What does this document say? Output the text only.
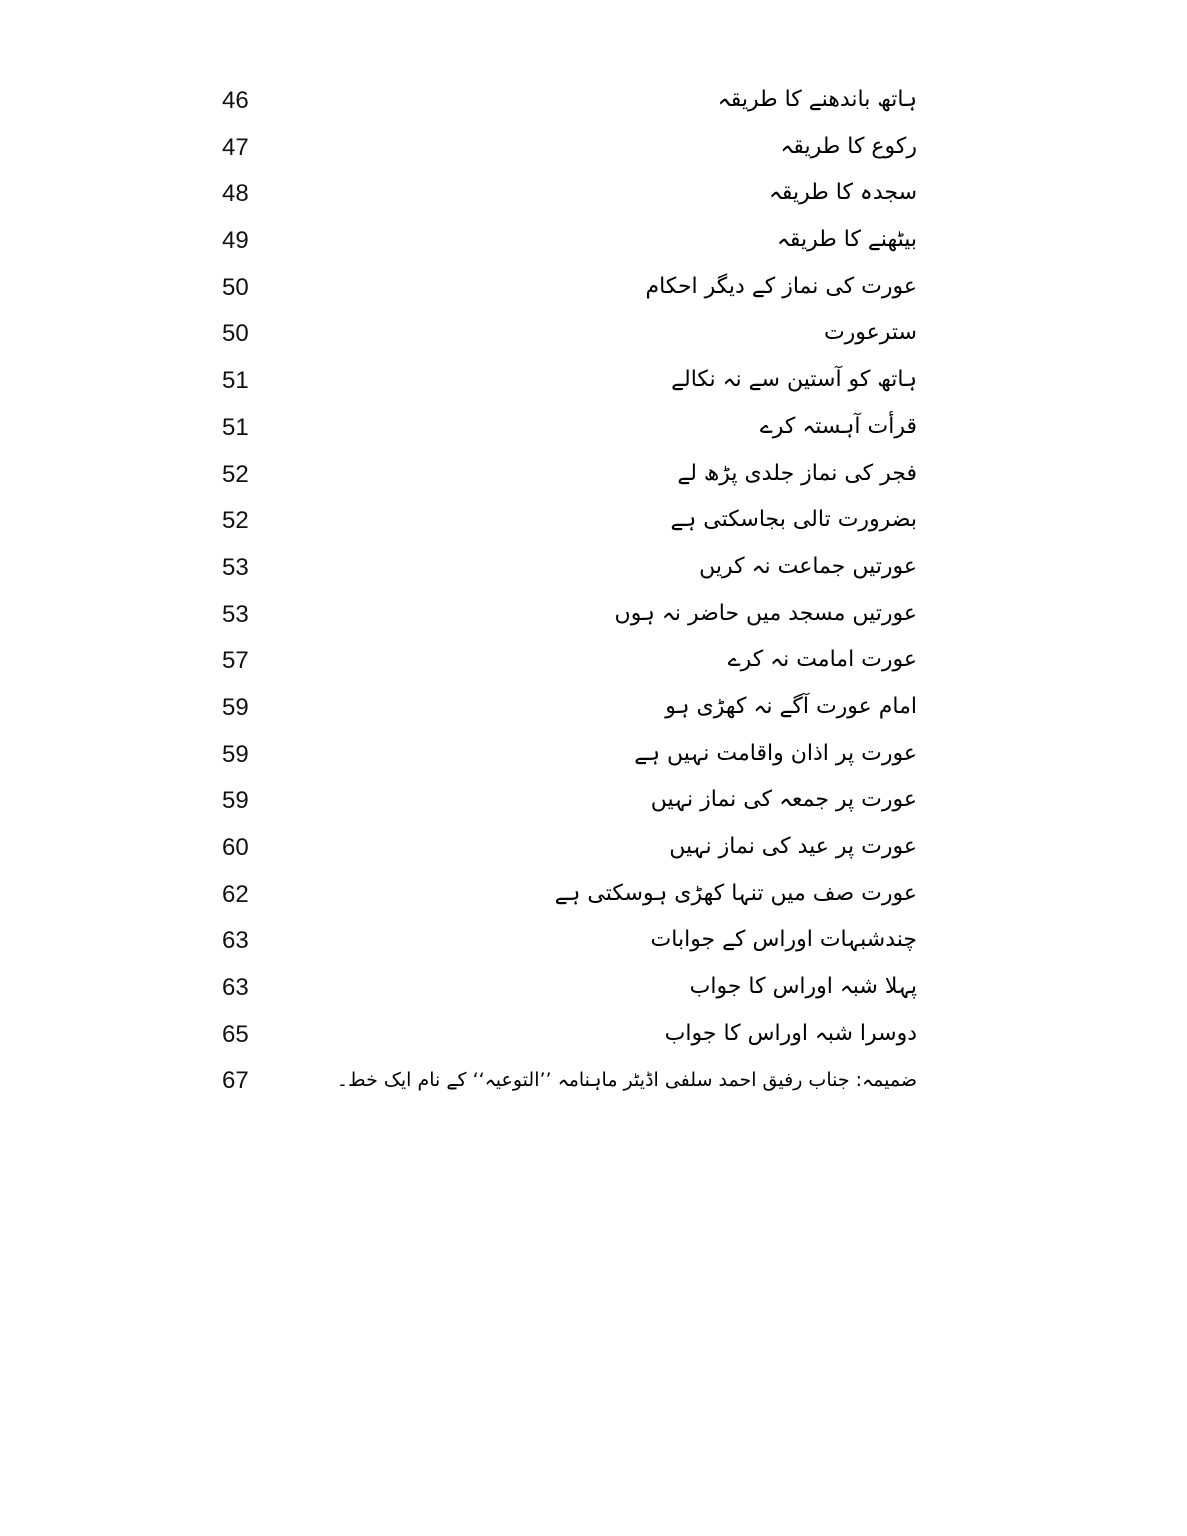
46	ہاتھ باندھنے کا طریقہ
47	رکوع کا طریقہ
48	سجدہ کا طریقہ
49	بیٹھنے کا طریقہ
50	عورت کی نماز کے دیگر احکام
50	سترعورت
51	ہاتھ کو آستین سے نہ نکالے
51	قرأت آہستہ کرے
52	فجر کی نماز جلدی پڑھ لے
52	بضرورت تالی بجاسکتی ہے
53	عورتیں جماعت نہ کریں
53	عورتیں مسجد میں حاضر نہ ہوں
57	عورت امامت نہ کرے
59	امام عورت آگے نہ کھڑی ہو
59	عورت پر اذان واقامت نہیں ہے
59	عورت پر جمعہ کی نماز نہیں
60	عورت پر عید کی نماز نہیں
62	عورت صف میں تنہا کھڑی ہوسکتی ہے
63	چندشبہات اوراس کے جوابات
63	پہلا شبہ اوراس کا جواب
65	دوسرا شبہ اوراس کا جواب
67	ضمیمہ: جناب رفیق احمد سلفی اڈیٹر ماہنامہ ’’التوعیہ‘‘ کے نام ایک خط۔
